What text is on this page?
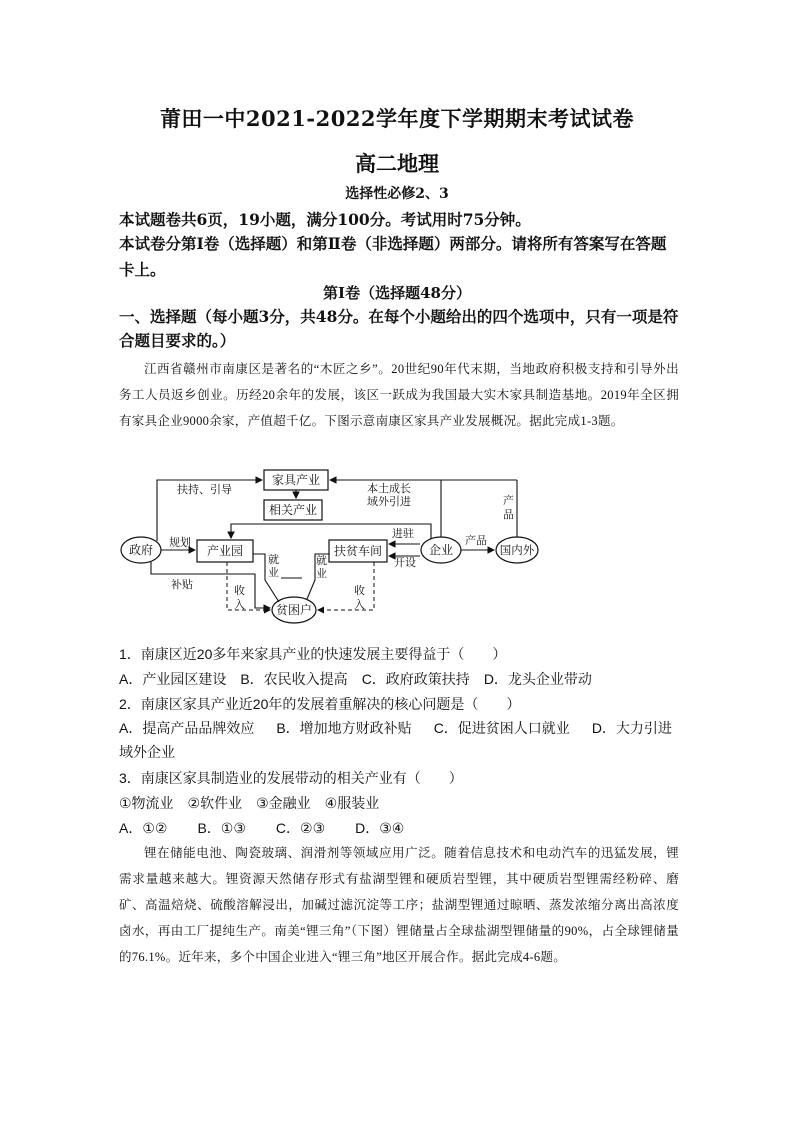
莆田一中2021-2022学年度下学期期末考试试卷
高二地理
选择性必修2、3
本试题卷共6页，19小题，满分100分。考试用时75分钟。
本试卷分第Ⅰ卷（选择题）和第Ⅱ卷（非选择题）两部分。请将所有答案写在答题卡上。
第Ⅰ卷（选择题48分）
一、选择题（每小题3分，共48分。在每个小题给出的四个选项中，只有一项是符合题目要求的。）
江西省赣州市南康区是著名的“木匠之乡”。20世纪90年代末期，当地政府积极支持和引导外出务工人员返乡创业。历经20余年的发展，该区一跃成为我国最大实木家具制造基地。2019年全区拥有家具企业9000余家，产值超千亿。下图示意南康区家具产业发展概况。据此完成1-3题。
家具产业
相关产业
产业园	扶贫车间
政府	企业	国内外
贫困户
扶持、引导	本土成长
域外引进
规划
补贴
进驻
开设
产品
产
品
就
业
就
业
收
入
收
入
1．南康区近20多年来家具产业的快速发展主要得益于（　　）
A．产业园区建设 B．农民收入提高 C．政府政策扶持 D．龙头企业带动
2．南康区家具产业近20年的发展着重解决的核心问题是（　　）
A．提高产品品牌效应 B．增加地方财政补贴 C．促进贫困人口就业 D．大力引进域外企业
3．南康区家具制造业的发展带动的相关产业有（　　）
①物流业　②软件业　③金融业　④服装业
A．①② B．①③ C．②③ D．③④
锂在储能电池、陶瓷玻璃、润滑剂等领域应用广泛。随着信息技术和电动汽车的迅猛发展，锂需求量越来越大。锂资源天然储存形式有盐湖型锂和硬质岩型锂，其中硬质岩型锂需经粉碎、磨矿、高温焙烧、硫酸溶解浸出，加碱过滤沉淀等工序；盐湖型锂通过晾晒、蒸发浓缩分离出高浓度卤水，再由工厂提纯生产。南美“锂三角”（下图）锂储量占全球盐湖型锂储量的90%，占全球锂储量的76.1%。近年来，多个中国企业进入“锂三角”地区开展合作。据此完成4-6题。
